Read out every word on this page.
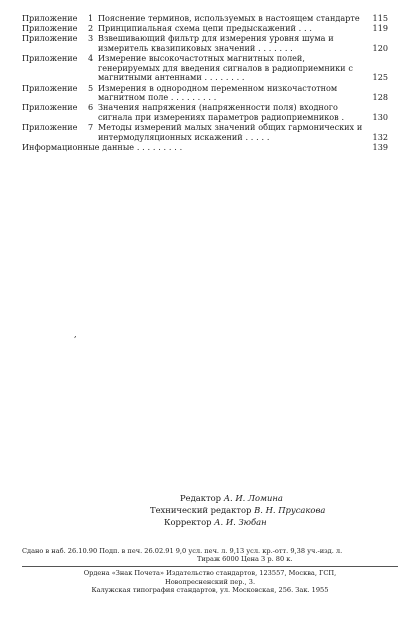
Приложение	1 Пояснение терминов, используемых в настоящем стандарте	115
Приложение	2 Принципиальная схема цепи предыскажений . . .	119
Приложение	3 Взвешивающий фильтр для измерения уровня шума и измеритель квазипиковых значений . . . . . . .	120
Приложение	4 Измерение высокочастотных магнитных полей, генерируемых для введения сигналов в радиоприемники с магнитными антеннами . . . . . . . .	125
Приложение	5 Измерения в однородном переменном низкочастотном магнитном поле . . . . . . . . .	128
Приложение	6 Значения напряжения (напряженности поля) входного сигнала при измерениях параметров радиоприемников .	130
Приложение	7 Методы измерений малых значений общих гармонических и интермодуляционных искажений . . . . .	132
Информационные данные . . . . . . . . .	139
,
Редактор А. И. Ломина
Технический редактор В. Н. Прусакова
Корректор А. И. Зюбан
Сдано в наб. 26.10.90 Подп. в печ. 26.02.91 9,0 усл. печ. л. 9,13 усл. кр.-отт. 9,38 уч.-изд. л.
Тираж 6000 Цена 3 р. 80 к.
Ордена «Знак Почета» Издательство стандартов, 123557, Москва, ГСП,
Новопресненский пер., 3.
Калужская типография стандартов, ул. Московская, 256. Зак. 1955
